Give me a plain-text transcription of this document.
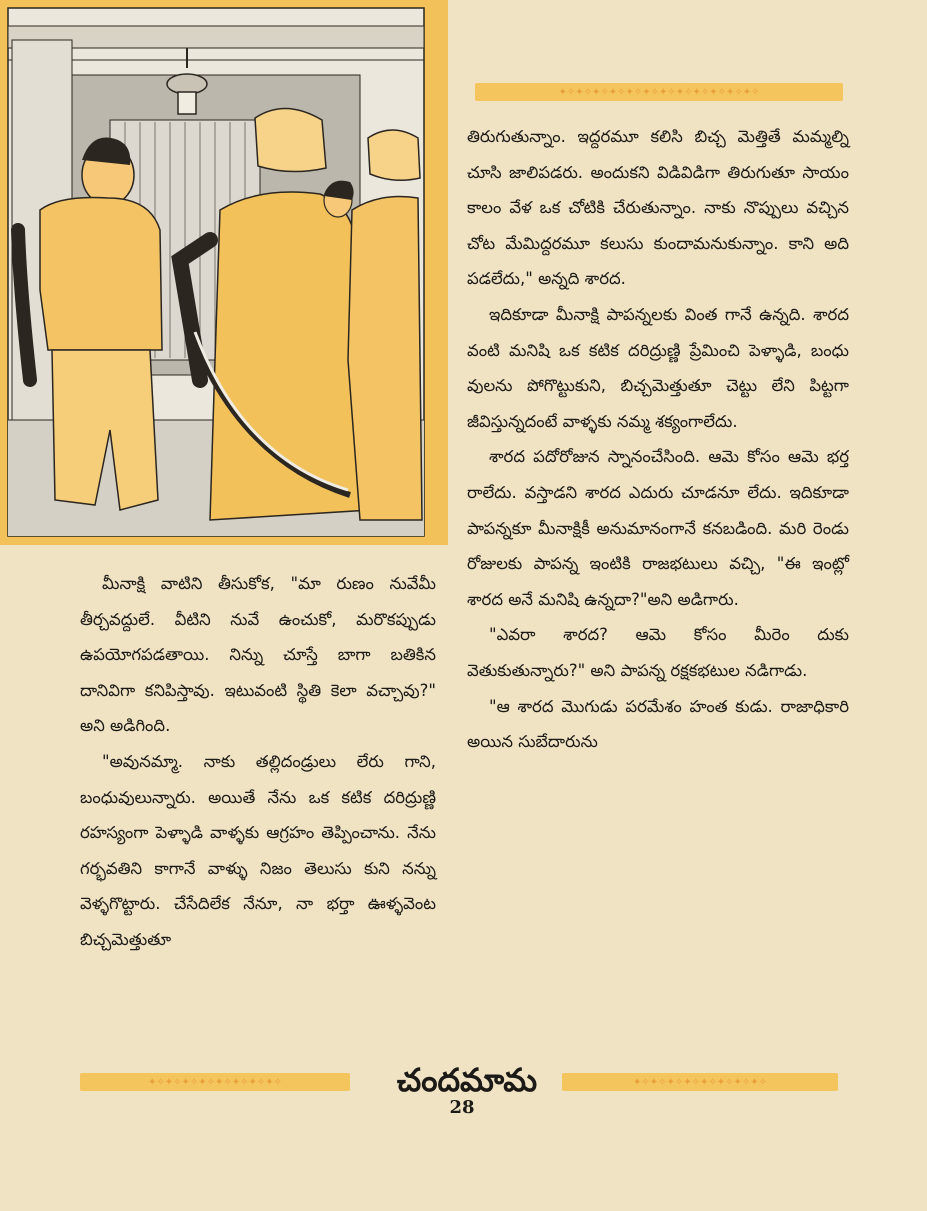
మీనాక్షి వాటిని తీసుకోక, "మా రుణం నువేమీ తీర్చవద్దులే. వీటిని నువే ఉంచుకో, మరొకప్పుడు ఉపయోగపడతాయి. నిన్ను చూస్తే బాగా బతికిన దానివిగా కనిపిస్తావు. ఇటువంటి స్థితి కెలా వచ్చావు?" అని అడిగింది.

"అవునమ్మా. నాకు తల్లిదండ్రులు లేరు గాని, బంధువులున్నారు. అయితే నేను ఒక కటిక దరిద్రుణ్ణి రహస్యంగా పెళ్ళాడి వాళ్ళకు ఆగ్రహం తెప్పించాను. నేను గర్భవతిని కాగానే వాళ్ళు నిజం తెలుసు కుని నన్ను వెళ్ళగొట్టారు. చేసేదిలేక నేనూ, నా భర్తా ఊళ్ళవెంట బిచ్చమెత్తుతూ

✦✧✦✧✦✧✦✧✦✧✦✧✦✧✦✧✦✧✦✧✦✧✦✧

తిరుగుతున్నాం. ఇద్దరమూ కలిసి బిచ్చ మెత్తితే మమ్మల్ని చూసి జాలిపడరు. అందుకని విడివిడిగా తిరుగుతూ సాయం కాలం వేళ ఒక చోటికి చేరుతున్నాం. నాకు నొప్పులు వచ్చిన చోట మేమిద్దరమూ కలుసు కుందామనుకున్నాం. కాని అది పడలేదు," అన్నది శారద.

ఇదికూడా మీనాక్షి పాపన్నలకు వింత గానే ఉన్నది. శారద వంటి మనిషి ఒక కటిక దరిద్రుణ్ణి ప్రేమించి పెళ్ళాడి, బంధు వులను పోగొట్టుకుని, బిచ్చమెత్తుతూ చెట్టు లేని పిట్టగా జీవిస్తున్నదంటే వాళ్ళకు నమ్మ శక్యంగాలేదు.

శారద పదోరోజున స్నానంచేసింది. ఆమె కోసం ఆమె భర్త రాలేదు. వస్తాడని శారద ఎదురు చూడనూ లేదు. ఇదికూడా పాపన్నకూ మీనాక్షికీ అనుమానంగానే కనబడింది. మరి రెండు రోజులకు పాపన్న ఇంటికి రాజభటులు వచ్చి, "ఈ ఇంట్లో శారద అనే మనిషి ఉన్నదా?"అని అడిగారు.

"ఎవరా శారద? ఆమె కోసం మీరెం దుకు వెతుకుతున్నారు?" అని పాపన్న రక్షకభటుల నడిగాడు.

"ఆ శారద మొగుడు పరమేశం హంత కుడు. రాజాధికారి అయిన సుబేదారును

✦✧✦✧✦✧✦✧✦✧✦✧✦✧✦✧	చందమామ	✦✧✦✧✦✧✦✧✦✧✦✧✦✧✦✧
28
